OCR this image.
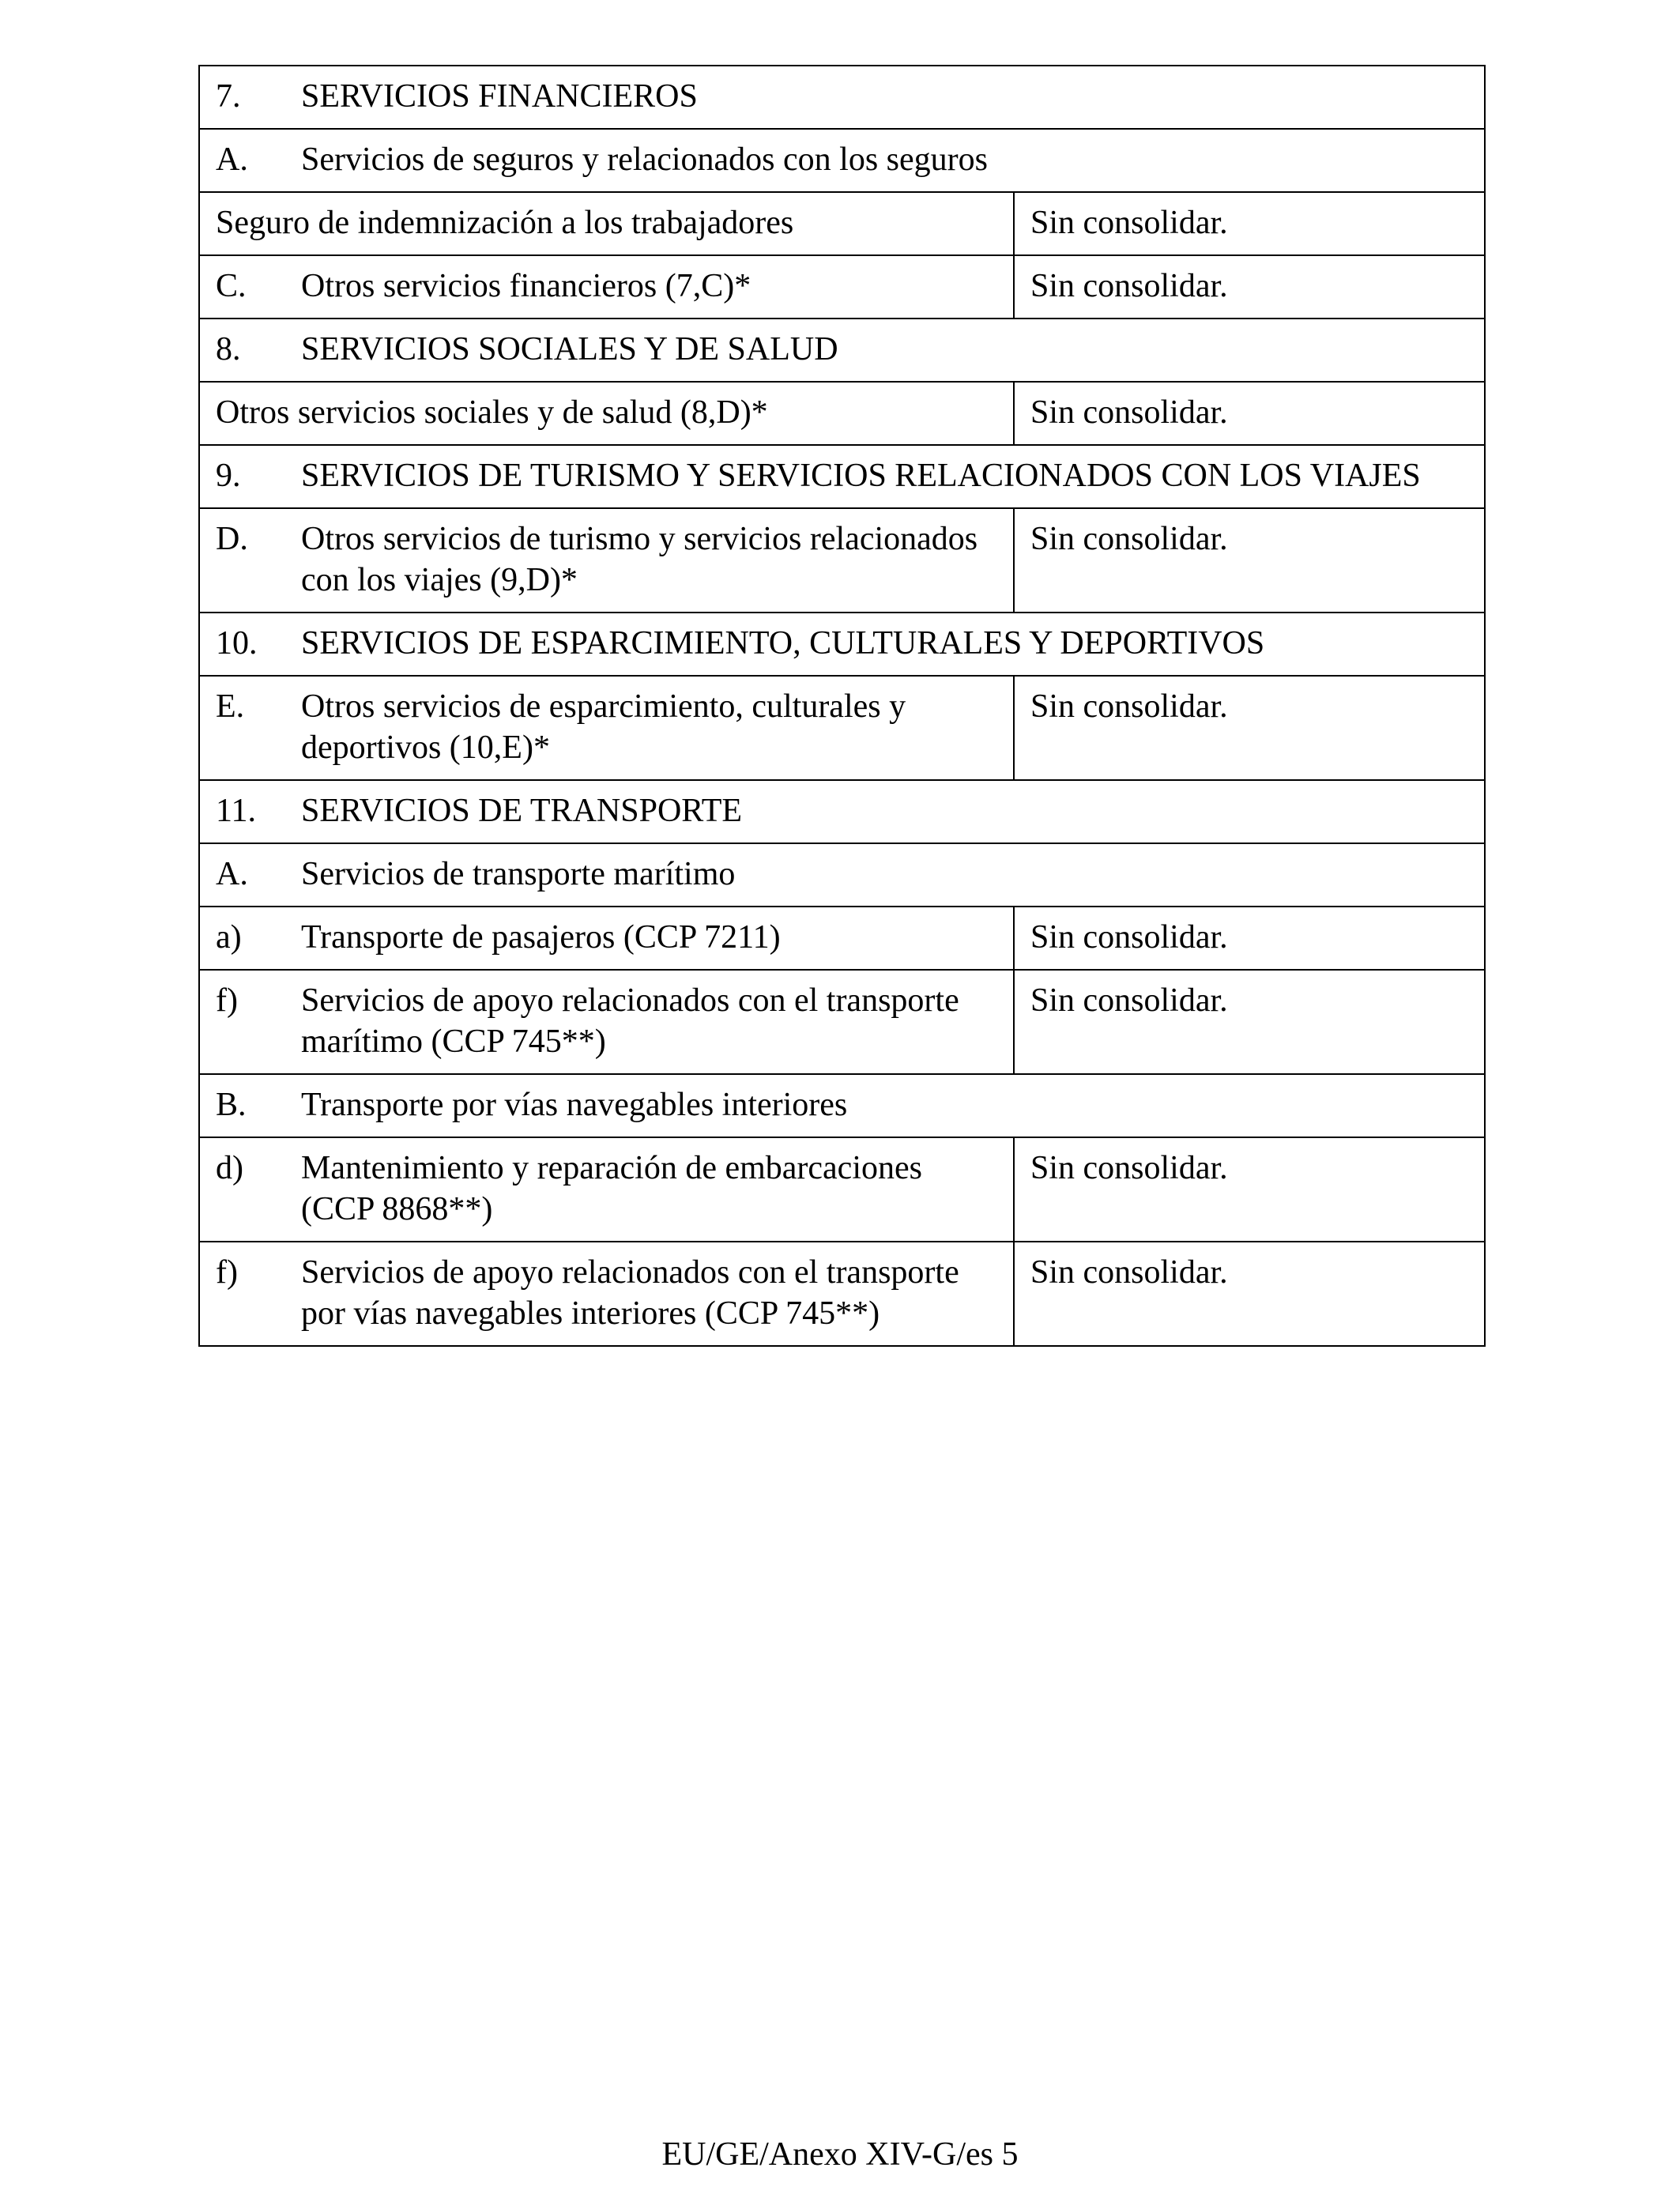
7. SERVICIOS FINANCIEROS	

A. Servicios de seguros y relacionados con los seguros	

Seguro de indemnización a los trabajadores	Sin consolidar.

C. Otros servicios financieros (7,C)*	Sin consolidar.

8. SERVICIOS SOCIALES Y DE SALUD	

Otros servicios sociales y de salud (8,D)*	Sin consolidar.

9. SERVICIOS DE TURISMO Y SERVICIOS RELACIONADOS CON LOS VIAJES	

D. Otros servicios de turismo y servicios relacionados con los viajes (9,D)*	Sin consolidar.

10. SERVICIOS DE ESPARCIMIENTO, CULTURALES Y DEPORTIVOS	

E. Otros servicios de esparcimiento, culturales y deportivos (10,E)*	Sin consolidar.

11. SERVICIOS DE TRANSPORTE	

A. Servicios de transporte marítimo	

a) Transporte de pasajeros (CCP 7211)	Sin consolidar.

f) Servicios de apoyo relacionados con el transporte marítimo (CCP 745**)	Sin consolidar.

B. Transporte por vías navegables interiores	

d) Mantenimiento y reparación de embarcaciones (CCP 8868**)	Sin consolidar.

f) Servicios de apoyo relacionados con el transporte por vías navegables interiores (CCP 745**)	Sin consolidar.
EU/GE/Anexo XIV-G/es 5
